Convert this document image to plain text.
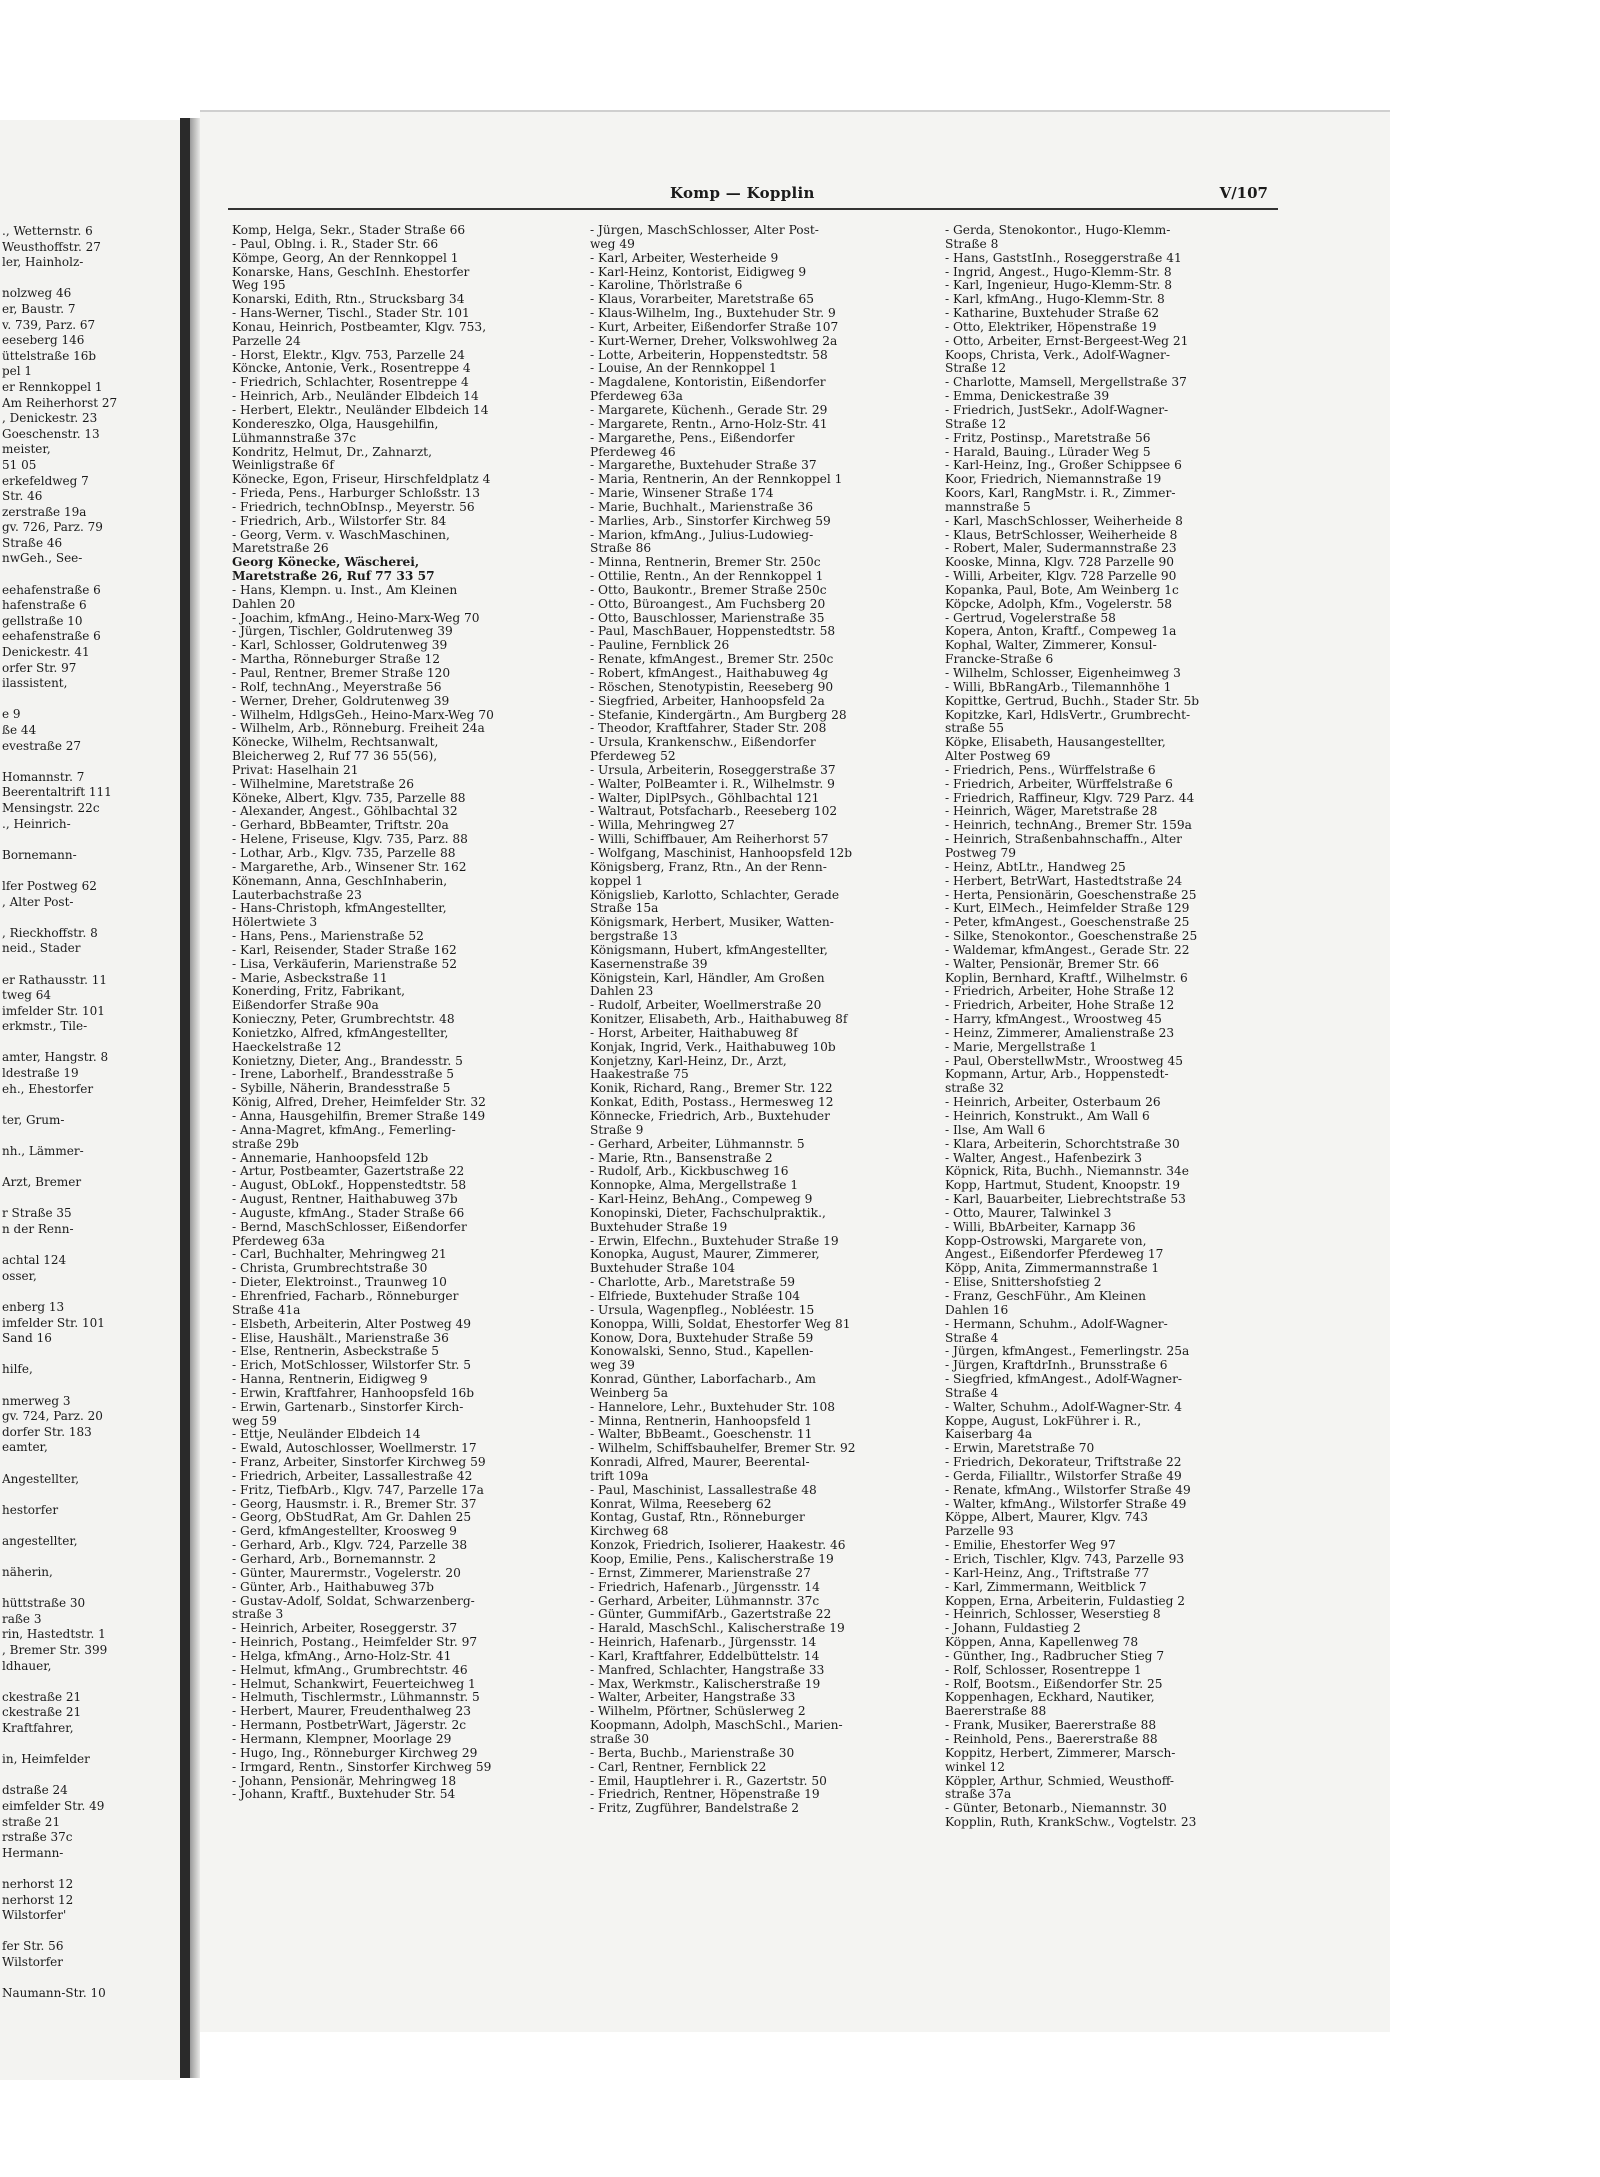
., Wetternstr. 6
Weusthoffstr. 27
ler, Hainholz-
nolzweg 46
er, Baustr. 7
v. 739, Parz. 67
eeseberg 146
üttelstraße 16b
pel 1
er Rennkoppel 1
Am Reiherhorst 27
, Denickestr. 23
Goeschenstr. 13
meister,
51 05
erkefeldweg 7
Str. 46
zerstraße 19a
gv. 726, Parz. 79
Straße 46
nwGeh., See-
eehafenstraße 6
hafenstraße 6
gellstraße 10
eehafenstraße 6
Denickestr. 41
orfer Str. 97
ilassistent,
e 9
ße 44
evestraße 27
Homannstr. 7
Beerentaltrift 111
Mensingstr. 22c
., Heinrich-
Bornemann-
lfer Postweg 62
, Alter Post-
, Rieckhoffstr. 8
neid., Stader
er Rathausstr. 11
tweg 64
imfelder Str. 101
erkmstr., Tile-
amter, Hangstr. 8
ldestraße 19
eh., Ehestorfer
ter, Grum-
nh., Lämmer-
Arzt, Bremer
r Straße 35
n der Renn-
achtal 124
osser,
enberg 13
imfelder Str. 101
Sand 16
hilfe,
nmerweg 3
gv. 724, Parz. 20
dorfer Str. 183
eamter,
Angestellter,
hestorfer
angestellter,
näherin,
hüttstraße 30
raße 3
rin, Hastedtstr. 1
, Bremer Str. 399
ldhauer,
ckestraße 21
ckestraße 21
Kraftfahrer,
in, Heimfelder
dstraße 24
eimfelder Str. 49
straße 21
rstraße 37c
Hermann-
nerhorst 12
nerhorst 12
Wilstorfer'
fer Str. 56
Wilstorfer
Naumann-Str. 10
Komp — Kopplin	V/107
Komp, Helga, Sekr., Stader Straße 66
- Paul, Oblng. i. R., Stader Str. 66
Kömpe, Georg, An der Rennkoppel 1
Konarske, Hans, GeschInh. Ehestorfer
Weg 195
Konarski, Edith, Rtn., Strucksbarg 34
- Hans-Werner, Tischl., Stader Str. 101
Konau, Heinrich, Postbeamter, Klgv. 753,
Parzelle 24
- Horst, Elektr., Klgv. 753, Parzelle 24
Köncke, Antonie, Verk., Rosentreppe 4
- Friedrich, Schlachter, Rosentreppe 4
- Heinrich, Arb., Neuländer Elbdeich 14
- Herbert, Elektr., Neuländer Elbdeich 14
Kondereszko, Olga, Hausgehilfin,
Lühmannstraße 37c
Kondritz, Helmut, Dr., Zahnarzt,
Weinligstraße 6f
Könecke, Egon, Friseur, Hirschfeldplatz 4
- Frieda, Pens., Harburger Schloßstr. 13
- Friedrich, technObInsp., Meyerstr. 56
- Friedrich, Arb., Wilstorfer Str. 84
- Georg, Verm. v. WaschMaschinen,
Maretstraße 26
Georg Könecke, Wäscherei,
Maretstraße 26, Ruf 77 33 57
- Hans, Klempn. u. Inst., Am Kleinen
Dahlen 20
- Joachim, kfmAng., Heino-Marx-Weg 70
- Jürgen, Tischler, Goldrutenweg 39
- Karl, Schlosser, Goldrutenweg 39
- Martha, Rönneburger Straße 12
- Paul, Rentner, Bremer Straße 120
- Rolf, technAng., Meyerstraße 56
- Werner, Dreher, Goldrutenweg 39
- Wilhelm, HdlgsGeh., Heino-Marx-Weg 70
- Wilhelm, Arb., Rönneburg. Freiheit 24a
Könecke, Wilhelm, Rechtsanwalt,
Bleicherweg 2, Ruf 77 36 55(56),
Privat: Haselhain 21
- Wilhelmine, Maretstraße 26
Köneke, Albert, Klgv. 735, Parzelle 88
- Alexander, Angest., Göhlbachtal 32
- Gerhard, BbBeamter, Triftstr. 20a
- Helene, Friseuse, Klgv. 735, Parz. 88
- Lothar, Arb., Klgv. 735, Parzelle 88
- Margarethe, Arb., Winsener Str. 162
Könemann, Anna, GeschInhaberin,
Lauterbachstraße 23
- Hans-Christoph, kfmAngestellter,
Hölertwiete 3
- Hans, Pens., Marienstraße 52
- Karl, Reisender, Stader Straße 162
- Lisa, Verkäuferin, Marienstraße 52
- Marie, Asbeckstraße 11
Konerding, Fritz, Fabrikant,
Eißendorfer Straße 90a
Konieczny, Peter, Grumbrechtstr. 48
Konietzko, Alfred, kfmAngestellter,
Haeckelstraße 12
Konietzny, Dieter, Ang., Brandesstr. 5
- Irene, Laborhelf., Brandesstraße 5
- Sybille, Näherin, Brandesstraße 5
König, Alfred, Dreher, Heimfelder Str. 32
- Anna, Hausgehilfin, Bremer Straße 149
- Anna-Magret, kfmAng., Femerling-
straße 29b
- Annemarie, Hanhoopsfeld 12b
- Artur, Postbeamter, Gazertstraße 22
- August, ObLokf., Hoppenstedtstr. 58
- August, Rentner, Haithabuweg 37b
- Auguste, kfmAng., Stader Straße 66
- Bernd, MaschSchlosser, Eißendorfer
Pferdeweg 63a
- Carl, Buchhalter, Mehringweg 21
- Christa, Grumbrechtstraße 30
- Dieter, Elektroinst., Traunweg 10
- Ehrenfried, Facharb., Rönneburger
Straße 41a
- Elsbeth, Arbeiterin, Alter Postweg 49
- Elise, Haushält., Marienstraße 36
- Else, Rentnerin, Asbeckstraße 5
- Erich, MotSchlosser, Wilstorfer Str. 5
- Hanna, Rentnerin, Eidigweg 9
- Erwin, Kraftfahrer, Hanhoopsfeld 16b
- Erwin, Gartenarb., Sinstorfer Kirch-
weg 59
- Ettje, Neuländer Elbdeich 14
- Ewald, Autoschlosser, Woellmerstr. 17
- Franz, Arbeiter, Sinstorfer Kirchweg 59
- Friedrich, Arbeiter, Lassallestraße 42
- Fritz, TiefbArb., Klgv. 747, Parzelle 17a
- Georg, Hausmstr. i. R., Bremer Str. 37
- Georg, ObStudRat, Am Gr. Dahlen 25
- Gerd, kfmAngestellter, Kroosweg 9
- Gerhard, Arb., Klgv. 724, Parzelle 38
- Gerhard, Arb., Bornemannstr. 2
- Günter, Maurermstr., Vogelerstr. 20
- Günter, Arb., Haithabuweg 37b
- Gustav-Adolf, Soldat, Schwarzenberg-
straße 3
- Heinrich, Arbeiter, Roseggerstr. 37
- Heinrich, Postang., Heimfelder Str. 97
- Helga, kfmAng., Arno-Holz-Str. 41
- Helmut, kfmAng., Grumbrechtstr. 46
- Helmut, Schankwirt, Feuerteichweg 1
- Helmuth, Tischlermstr., Lühmannstr. 5
- Herbert, Maurer, Freudenthalweg 23
- Hermann, PostbetrWart, Jägerstr. 2c
- Hermann, Klempner, Moorlage 29
- Hugo, Ing., Rönneburger Kirchweg 29
- Irmgard, Rentn., Sinstorfer Kirchweg 59
- Johann, Pensionär, Mehringweg 18
- Johann, Kraftf., Buxtehuder Str. 54
- Jürgen, MaschSchlosser, Alter Post-
weg 49
- Karl, Arbeiter, Westerheide 9
- Karl-Heinz, Kontorist, Eidigweg 9
- Karoline, Thörlstraße 6
- Klaus, Vorarbeiter, Maretstraße 65
- Klaus-Wilhelm, Ing., Buxtehuder Str. 9
- Kurt, Arbeiter, Eißendorfer Straße 107
- Kurt-Werner, Dreher, Volkswohlweg 2a
- Lotte, Arbeiterin, Hoppenstedtstr. 58
- Louise, An der Rennkoppel 1
- Magdalene, Kontoristin, Eißendorfer
Pferdeweg 63a
- Margarete, Küchenh., Gerade Str. 29
- Margarete, Rentn., Arno-Holz-Str. 41
- Margarethe, Pens., Eißendorfer
Pferdeweg 46
- Margarethe, Buxtehuder Straße 37
- Maria, Rentnerin, An der Rennkoppel 1
- Marie, Winsener Straße 174
- Marie, Buchhalt., Marienstraße 36
- Marlies, Arb., Sinstorfer Kirchweg 59
- Marion, kfmAng., Julius-Ludowieg-
Straße 86
- Minna, Rentnerin, Bremer Str. 250c
- Ottilie, Rentn., An der Rennkoppel 1
- Otto, Baukontr., Bremer Straße 250c
- Otto, Büroangest., Am Fuchsberg 20
- Otto, Bauschlosser, Marienstraße 35
- Paul, MaschBauer, Hoppenstedtstr. 58
- Pauline, Fernblick 26
- Renate, kfmAngest., Bremer Str. 250c
- Robert, kfmAngest., Haithabuweg 4g
- Röschen, Stenotypistin, Reeseberg 90
- Siegfried, Arbeiter, Hanhoopsfeld 2a
- Stefanie, Kindergärtn., Am Burgberg 28
- Theodor, Kraftfahrer, Stader Str. 208
- Ursula, Krankenschw., Eißendorfer
Pferdeweg 52
- Ursula, Arbeiterin, Roseggerstraße 37
- Walter, PolBeamter i. R., Wilhelmstr. 9
- Walter, DiplPsych., Göhlbachtal 121
- Waltraut, Potsfacharb., Reeseberg 102
- Willa, Mehringweg 27
- Willi, Schiffbauer, Am Reiherhorst 57
- Wolfgang, Maschinist, Hanhoopsfeld 12b
Königsberg, Franz, Rtn., An der Renn-
koppel 1
Königslieb, Karlotto, Schlachter, Gerade
Straße 15a
Königsmark, Herbert, Musiker, Watten-
bergstraße 13
Königsmann, Hubert, kfmAngestellter,
Kasernenstraße 39
Königstein, Karl, Händler, Am Großen
Dahlen 23
- Rudolf, Arbeiter, Woellmerstraße 20
Konitzer, Elisabeth, Arb., Haithabuweg 8f
- Horst, Arbeiter, Haithabuweg 8f
Konjak, Ingrid, Verk., Haithabuweg 10b
Konjetzny, Karl-Heinz, Dr., Arzt,
Haakestraße 75
Konik, Richard, Rang., Bremer Str. 122
Konkat, Edith, Postass., Hermesweg 12
Könnecke, Friedrich, Arb., Buxtehuder
Straße 9
- Gerhard, Arbeiter, Lühmannstr. 5
- Marie, Rtn., Bansenstraße 2
- Rudolf, Arb., Kickbuschweg 16
Konnopke, Alma, Mergellstraße 1
- Karl-Heinz, BehAng., Compeweg 9
Konopinski, Dieter, Fachschulpraktik.,
Buxtehuder Straße 19
- Erwin, Elfechn., Buxtehuder Straße 19
Konopka, August, Maurer, Zimmerer,
Buxtehuder Straße 104
- Charlotte, Arb., Maretstraße 59
- Elfriede, Buxtehuder Straße 104
- Ursula, Wagenpfleg., Nobléestr. 15
Konoppa, Willi, Soldat, Ehestorfer Weg 81
Konow, Dora, Buxtehuder Straße 59
Konowalski, Senno, Stud., Kapellen-
weg 39
Konrad, Günther, Laborfacharb., Am
Weinberg 5a
- Hannelore, Lehr., Buxtehuder Str. 108
- Minna, Rentnerin, Hanhoopsfeld 1
- Walter, BbBeamt., Goeschenstr. 11
- Wilhelm, Schiffsbauhelfer, Bremer Str. 92
Konradi, Alfred, Maurer, Beerental-
trift 109a
- Paul, Maschinist, Lassallestraße 48
Konrat, Wilma, Reeseberg 62
Kontag, Gustaf, Rtn., Rönneburger
Kirchweg 68
Konzok, Friedrich, Isolierer, Haakestr. 46
Koop, Emilie, Pens., Kalischerstraße 19
- Ernst, Zimmerer, Marienstraße 27
- Friedrich, Hafenarb., Jürgensstr. 14
- Gerhard, Arbeiter, Lühmannstr. 37c
- Günter, GummifArb., Gazertstraße 22
- Harald, MaschSchl., Kalischerstraße 19
- Heinrich, Hafenarb., Jürgensstr. 14
- Karl, Kraftfahrer, Eddelbüttelstr. 14
- Manfred, Schlachter, Hangstraße 33
- Max, Werkmstr., Kalischerstraße 19
- Walter, Arbeiter, Hangstraße 33
- Wilhelm, Pförtner, Schüslerweg 2
Koopmann, Adolph, MaschSchl., Marien-
straße 30
- Berta, Buchb., Marienstraße 30
- Carl, Rentner, Fernblick 22
- Emil, Hauptlehrer i. R., Gazertstr. 50
- Friedrich, Rentner, Höpenstraße 19
- Fritz, Zugführer, Bandelstraße 2
- Gerda, Stenokontor., Hugo-Klemm-
Straße 8
- Hans, GaststInh., Roseggerstraße 41
- Ingrid, Angest., Hugo-Klemm-Str. 8
- Karl, Ingenieur, Hugo-Klemm-Str. 8
- Karl, kfmAng., Hugo-Klemm-Str. 8
- Katharine, Buxtehuder Straße 62
- Otto, Elektriker, Höpenstraße 19
- Otto, Arbeiter, Ernst-Bergeest-Weg 21
Koops, Christa, Verk., Adolf-Wagner-
Straße 12
- Charlotte, Mamsell, Mergellstraße 37
- Emma, Denickestraße 39
- Friedrich, JustSekr., Adolf-Wagner-
Straße 12
- Fritz, Postinsp., Maretstraße 56
- Harald, Bauing., Lürader Weg 5
- Karl-Heinz, Ing., Großer Schippsee 6
Koor, Friedrich, Niemannstraße 19
Koors, Karl, RangMstr. i. R., Zimmer-
mannstraße 5
- Karl, MaschSchlosser, Weiherheide 8
- Klaus, BetrSchlosser, Weiherheide 8
- Robert, Maler, Sudermannstraße 23
Kooske, Minna, Klgv. 728 Parzelle 90
- Willi, Arbeiter, Klgv. 728 Parzelle 90
Kopanka, Paul, Bote, Am Weinberg 1c
Köpcke, Adolph, Kfm., Vogelerstr. 58
- Gertrud, Vogelerstraße 58
Kopera, Anton, Kraftf., Compeweg 1a
Kophal, Walter, Zimmerer, Konsul-
Francke-Straße 6
- Wilhelm, Schlosser, Eigenheimweg 3
- Willi, BbRangArb., Tilemannhöhe 1
Kopittke, Gertrud, Buchh., Stader Str. 5b
Kopitzke, Karl, HdlsVertr., Grumbrecht-
straße 55
Köpke, Elisabeth, Hausangestellter,
Alter Postweg 69
- Friedrich, Pens., Würffelstraße 6
- Friedrich, Arbeiter, Würffelstraße 6
- Friedrich, Raffineur, Klgv. 729 Parz. 44
- Heinrich, Wäger, Maretstraße 28
- Heinrich, technAng., Bremer Str. 159a
- Heinrich, Straßenbahnschaffn., Alter
Postweg 79
- Heinz, AbtLtr., Handweg 25
- Herbert, BetrWart, Hastedtstraße 24
- Herta, Pensionärin, Goeschenstraße 25
- Kurt, ElMech., Heimfelder Straße 129
- Peter, kfmAngest., Goeschenstraße 25
- Silke, Stenokontor., Goeschenstraße 25
- Waldemar, kfmAngest., Gerade Str. 22
- Walter, Pensionär, Bremer Str. 66
Koplin, Bernhard, Kraftf., Wilhelmstr. 6
- Friedrich, Arbeiter, Hohe Straße 12
- Friedrich, Arbeiter, Hohe Straße 12
- Harry, kfmAngest., Wroostweg 45
- Heinz, Zimmerer, Amalienstraße 23
- Marie, Mergellstraße 1
- Paul, OberstellwMstr., Wroostweg 45
Kopmann, Artur, Arb., Hoppenstedt-
straße 32
- Heinrich, Arbeiter, Osterbaum 26
- Heinrich, Konstrukt., Am Wall 6
- Ilse, Am Wall 6
- Klara, Arbeiterin, Schorchtstraße 30
- Walter, Angest., Hafenbezirk 3
Köpnick, Rita, Buchh., Niemannstr. 34e
Kopp, Hartmut, Student, Knoopstr. 19
- Karl, Bauarbeiter, Liebrechtstraße 53
- Otto, Maurer, Talwinkel 3
- Willi, BbArbeiter, Karnapp 36
Kopp-Ostrowski, Margarete von,
Angest., Eißendorfer Pferdeweg 17
Köpp, Anita, Zimmermannstraße 1
- Elise, Snittershofstieg 2
- Franz, GeschFühr., Am Kleinen
Dahlen 16
- Hermann, Schuhm., Adolf-Wagner-
Straße 4
- Jürgen, kfmAngest., Femerlingstr. 25a
- Jürgen, KraftdrInh., Brunsstraße 6
- Siegfried, kfmAngest., Adolf-Wagner-
Straße 4
- Walter, Schuhm., Adolf-Wagner-Str. 4
Koppe, August, LokFührer i. R.,
Kaiserbarg 4a
- Erwin, Maretstraße 70
- Friedrich, Dekorateur, Triftstraße 22
- Gerda, Filialltr., Wilstorfer Straße 49
- Renate, kfmAng., Wilstorfer Straße 49
- Walter, kfmAng., Wilstorfer Straße 49
Köppe, Albert, Maurer, Klgv. 743
Parzelle 93
- Emilie, Ehestorfer Weg 97
- Erich, Tischler, Klgv. 743, Parzelle 93
- Karl-Heinz, Ang., Triftstraße 77
- Karl, Zimmermann, Weitblick 7
Koppen, Erna, Arbeiterin, Fuldastieg 2
- Heinrich, Schlosser, Weserstieg 8
- Johann, Fuldastieg 2
Köppen, Anna, Kapellenweg 78
- Günther, Ing., Radbrucher Stieg 7
- Rolf, Schlosser, Rosentreppe 1
- Rolf, Bootsm., Eißendorfer Str. 25
Koppenhagen, Eckhard, Nautiker,
Baererstraße 88
- Frank, Musiker, Baererstraße 88
- Reinhold, Pens., Baererstraße 88
Koppitz, Herbert, Zimmerer, Marsch-
winkel 12
Köppler, Arthur, Schmied, Weusthoff-
straße 37a
- Günter, Betonarb., Niemannstr. 30
Kopplin, Ruth, KrankSchw., Vogtelstr. 23
